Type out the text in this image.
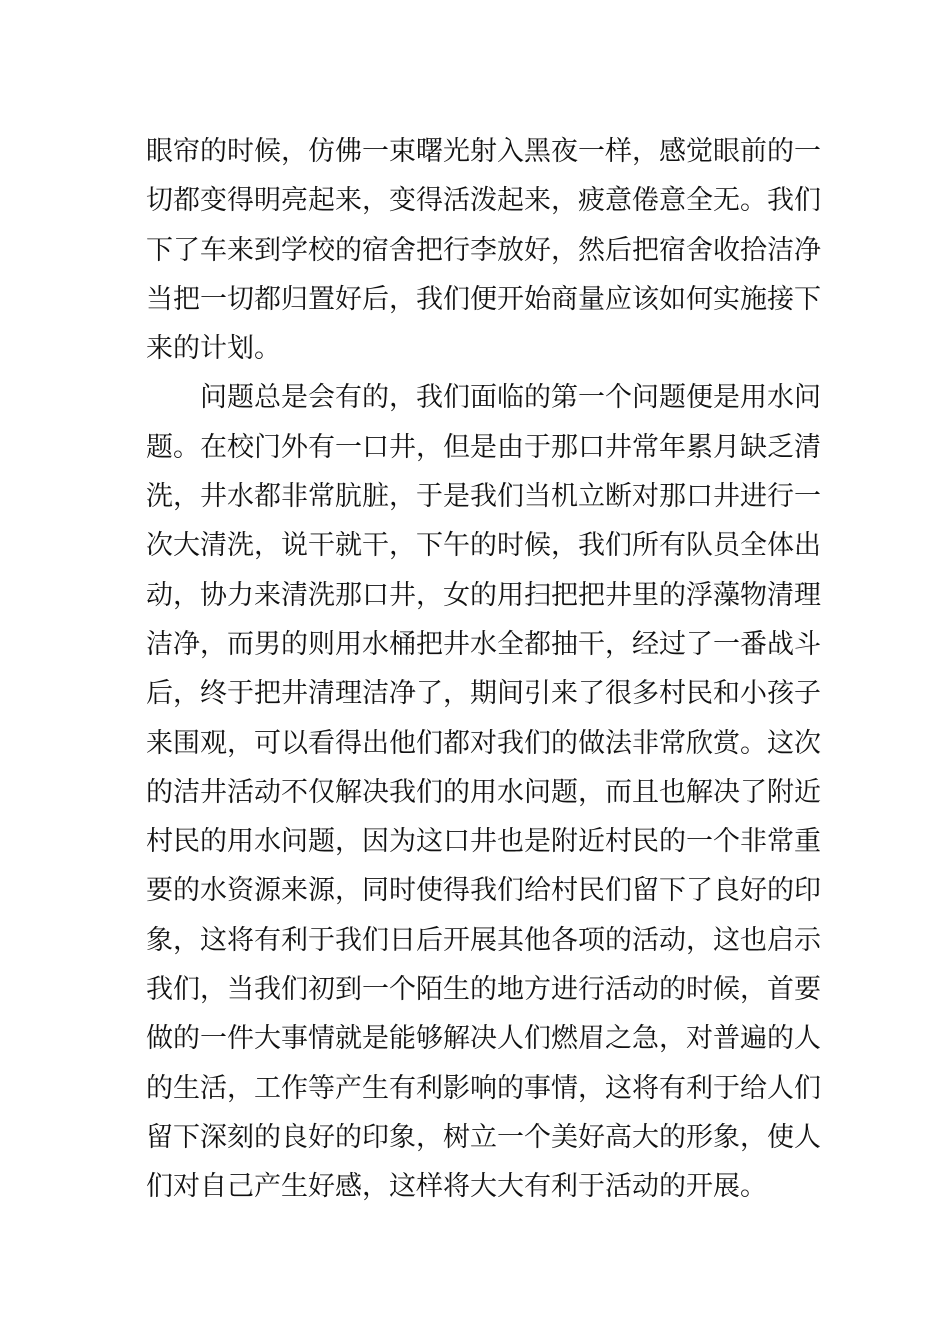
眼帘的时候，仿佛一束曙光射入黑夜一样，感觉眼前的一
切都变得明亮起来，变得活泼起来，疲意倦意全无。我们
下了车来到学校的宿舍把行李放好，然后把宿舍收拾洁净
当把一切都归置好后，我们便开始商量应该如何实施接下
来的计划。
问题总是会有的，我们面临的第一个问题便是用水问
题。在校门外有一口井，但是由于那口井常年累月缺乏清
洗，井水都非常肮脏，于是我们当机立断对那口井进行一
次大清洗，说干就干，下午的时候，我们所有队员全体出
动，协力来清洗那口井，女的用扫把把井里的浮藻物清理
洁净，而男的则用水桶把井水全都抽干，经过了一番战斗
后，终于把井清理洁净了，期间引来了很多村民和小孩子
来围观，可以看得出他们都对我们的做法非常欣赏。这次
的洁井活动不仅解决我们的用水问题，而且也解决了附近
村民的用水问题，因为这口井也是附近村民的一个非常重
要的水资源来源，同时使得我们给村民们留下了良好的印
象，这将有利于我们日后开展其他各项的活动，这也启示
我们，当我们初到一个陌生的地方进行活动的时候，首要
做的一件大事情就是能够解决人们燃眉之急，对普遍的人
的生活，工作等产生有利影响的事情，这将有利于给人们
留下深刻的良好的印象，树立一个美好高大的形象，使人
们对自己产生好感，这样将大大有利于活动的开展。
